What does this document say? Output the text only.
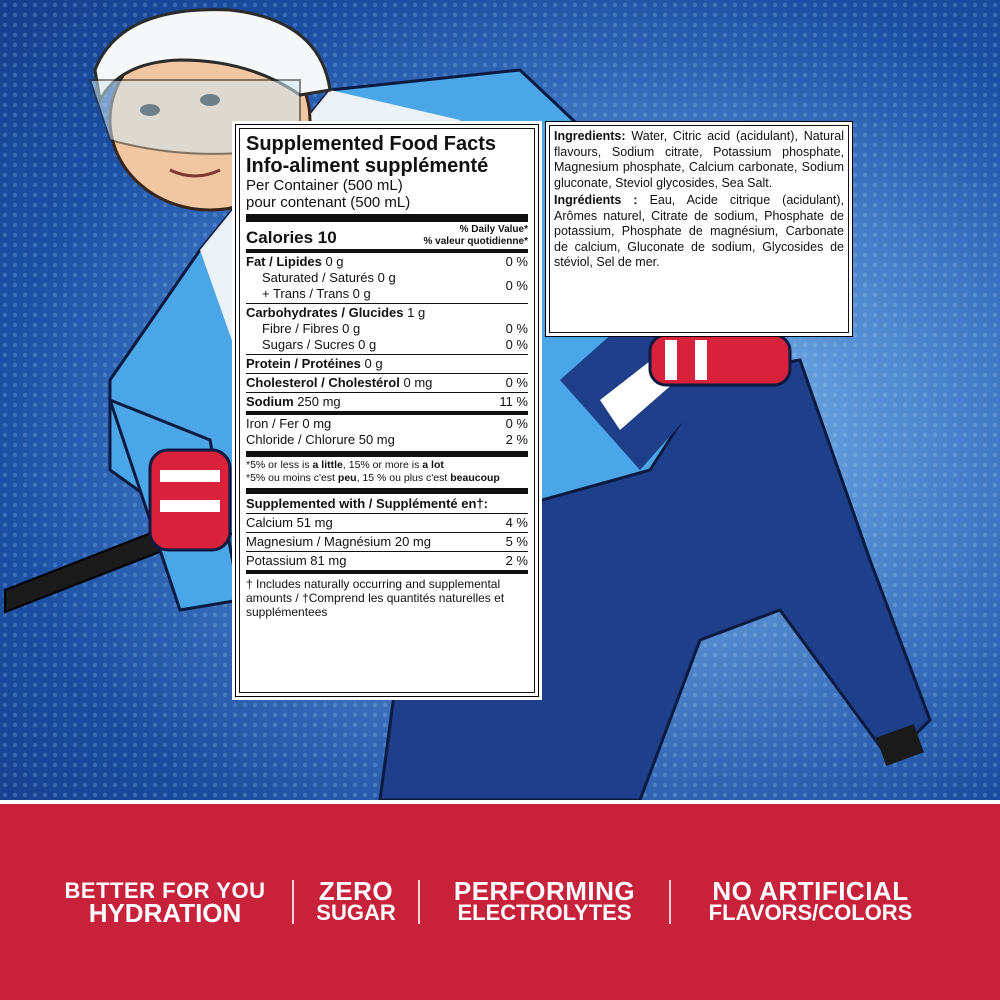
Supplemented Food Facts
Info-aliment supplémenté
Per Container (500 mL)
pour contenant (500 mL)
Calories 10	% Daily Value*
% valeur quotidienne*
Fat / Lipides 0 g	0 %
Saturated / Saturés 0 g
+ Trans / Trans 0 g
0 %
Carbohydrates / Glucides 1 g
Fibre / Fibres 0 g	0 %
Sugars / Sucres 0 g	0 %
Protein / Protéines 0 g
Cholesterol / Cholestérol 0 mg	0 %
Sodium 250 mg	11 %
Iron / Fer 0 mg	0 %
Chloride / Chlorure 50 mg	2 %
*5% or less is a little, 15% or more is a lot
*5% ou moins c'est peu, 15 % ou plus c'est beaucoup
Supplemented with / Supplémenté en†:
Calcium 51 mg	4 %
Magnesium / Magnésium 20 mg	5 %
Potassium 81 mg	2 %
† Includes naturally occurring and supplemental amounts / †Comprend les quantités naturelles et supplémentees

Ingredients: Water, Citric acid (acidulant), Natural flavours, Sodium citrate, Potassium phosphate, Magnesium phosphate, Calcium carbonate, Sodium gluconate, Steviol glycosides, Sea Salt.

Ingrédients : Eau, Acide citrique (acidulant), Arômes naturel, Citrate de sodium, Phosphate de potassium, Phosphate de magnésium, Carbonate de calcium, Gluconate de sodium, Glycosides de stéviol, Sel de mer.

BETTER FOR YOU
HYDRATION
ZERO
SUGAR
PERFORMING
ELECTROLYTES
NO ARTIFICIAL
FLAVORS/COLORS
